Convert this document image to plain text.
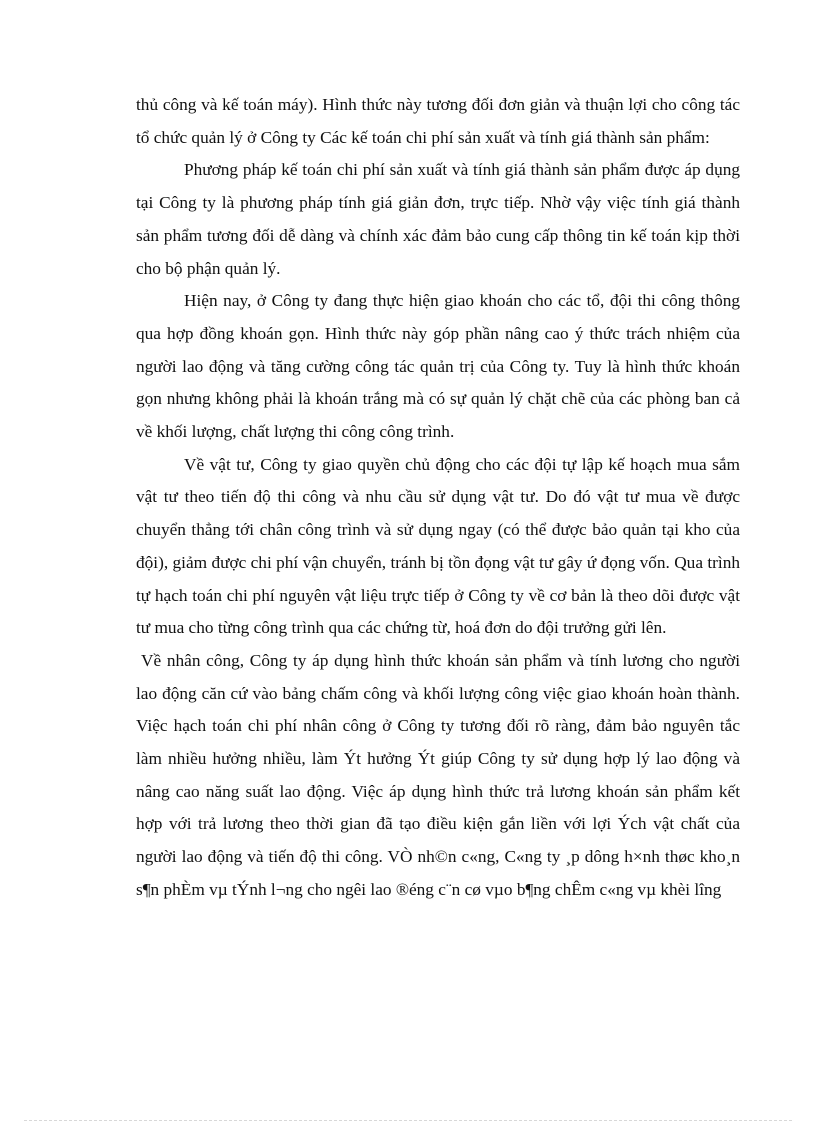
thủ công và kế toán máy). Hình thức này tương đối đơn giản và thuận lợi cho công tác tổ chức quản lý ở Công ty Các kế toán chi phí sản xuất và tính giá thành sản phẩm:

Phương pháp kế toán chi phí sản xuất và tính giá thành sản phẩm được áp dụng tại Công ty là phương pháp tính giá giản đơn, trực tiếp. Nhờ vậy việc tính giá thành sản phẩm tương đối dễ dàng và chính xác đảm bảo cung cấp thông tin kế toán kịp thời cho bộ phận quản lý.

Hiện nay, ở Công ty đang thực hiện giao khoán cho các tổ, đội thi công thông qua hợp đồng khoán gọn. Hình thức này góp phần nâng cao ý thức trách nhiệm của người lao động và tăng cường công tác quản trị của Công ty. Tuy là hình thức khoán gọn nhưng không phải là khoán trắng mà có sự quản lý chặt chẽ của các phòng ban cả về khối lượng, chất lượng thi công công trình.

Về vật tư, Công ty giao quyền chủ động cho các đội tự lập kế hoạch mua sắm vật tư theo tiến độ thi công và nhu cầu sử dụng vật tư. Do đó vật tư mua về được chuyển thẳng tới chân công trình và sử dụng ngay (có thể được bảo quản tại kho của đội), giảm được chi phí vận chuyển, tránh bị tồn đọng vật tư gây ứ đọng vốn. Qua trình tự hạch toán chi phí nguyên vật liệu trực tiếp ở Công ty về cơ bản là theo dõi được vật tư mua cho từng công trình qua các chứng từ, hoá đơn do đội trưởng gửi lên.

Về nhân công, Công ty áp dụng hình thức khoán sản phẩm và tính lương cho người lao động căn cứ vào bảng chấm công và khối lượng công việc giao khoán hoàn thành. Việc hạch toán chi phí nhân công ở Công ty tương đối rõ ràng, đảm bảo nguyên tắc làm nhiều hưởng nhiều, làm Ýt hưởng Ýt giúp Công ty sử dụng hợp lý lao động và nâng cao năng suất lao động. Việc áp dụng hình thức trả lương khoán sản phẩm kết hợp với trả lương theo thời gian đã tạo điều kiện gắn liền với lợi Ých vật chất của người lao động và tiến độ thi công. VÒ nh©n c«ng, C«ng ty ¸p dông h×nh thøc kho¸n s¶n phÈm vµ tÝnh l¬ng cho ngêi lao ®éng c¨n cø vµo b¶ng chÊm c«ng vµ khèi lîng
